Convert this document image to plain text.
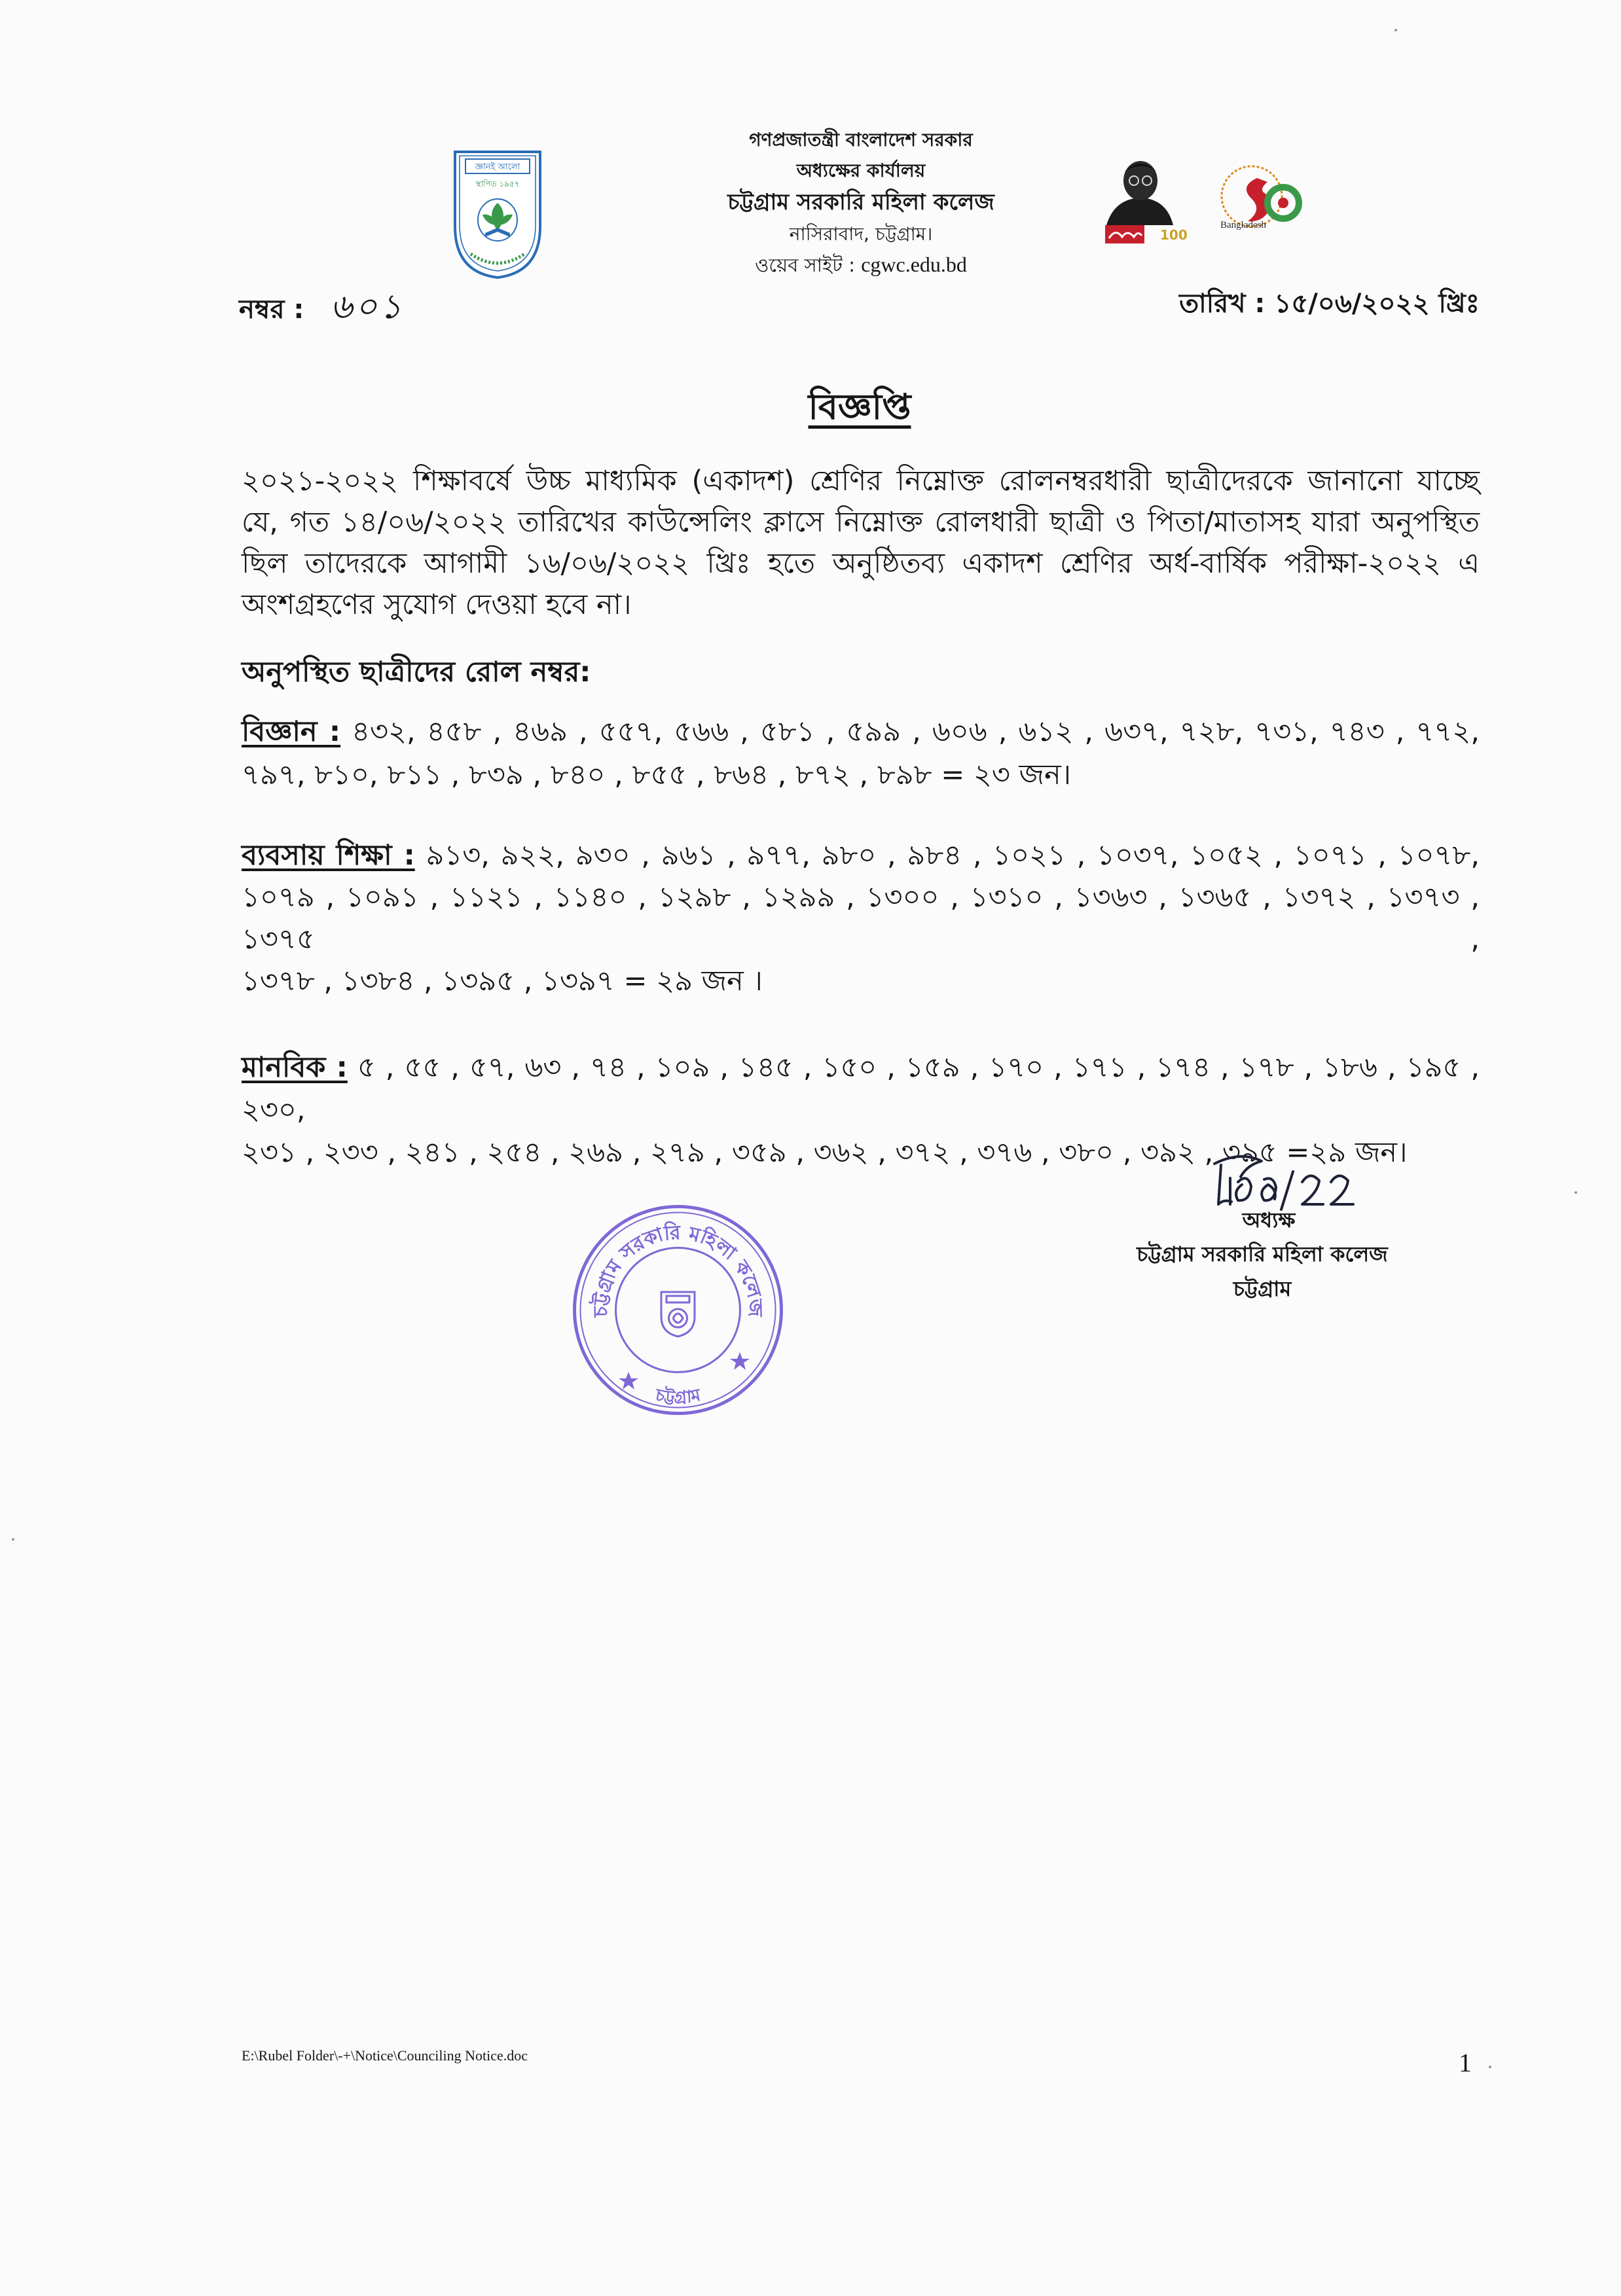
জ্ঞানই আলো
স্থাপিত ১৯৫৭
গণপ্রজাতন্ত্রী বাংলাদেশ সরকার
অধ্যক্ষের কার্যালয়
চট্টগ্রাম সরকারি মহিলা কলেজ
নাসিরাবাদ, চট্টগ্রাম।
ওয়েব সাইট : cgwc.edu.bd
100
Bangladesh
নম্বর : ৬০১	তারিখ : ১৫/০৬/২০২২ খ্রিঃ
বিজ্ঞপ্তি
২০২১-২০২২ শিক্ষাবর্ষে উচ্চ মাধ্যমিক (একাদশ) শ্রেণির নিম্নোক্ত রোলনম্বরধারী ছাত্রীদেরকে জানানো যাচ্ছে
যে, গত ১৪/০৬/২০২২ তারিখের কাউন্সেলিং ক্লাসে নিম্নোক্ত রোলধারী ছাত্রী ও পিতা/মাতাসহ যারা অনুপস্থিত
ছিল তাদেরকে আগামী ১৬/০৬/২০২২ খ্রিঃ হতে অনুষ্ঠিতব্য একাদশ শ্রেণির অর্ধ-বার্ষিক পরীক্ষা-২০২২ এ
অংশগ্রহণের সুযোগ দেওয়া হবে না।
অনুপস্থিত ছাত্রীদের রোল নম্বর:
বিজ্ঞান : ৪৩২, ৪৫৮ , ৪৬৯ , ৫৫৭, ৫৬৬ , ৫৮১ , ৫৯৯ , ৬০৬ , ৬১২ , ৬৩৭, ৭২৮, ৭৩১, ৭৪৩ , ৭৭২,
৭৯৭, ৮১০, ৮১১ , ৮৩৯ , ৮৪০ , ৮৫৫ , ৮৬৪ , ৮৭২ , ৮৯৮ = ২৩ জন।
ব্যবসায় শিক্ষা : ৯১৩, ৯২২, ৯৩০ , ৯৬১ , ৯৭৭, ৯৮০ , ৯৮৪ , ১০২১ , ১০৩৭, ১০৫২ , ১০৭১ , ১০৭৮,
১০৭৯ , ১০৯১ , ১১২১ , ১১৪০ , ১২৯৮ , ১২৯৯ , ১৩০০ , ১৩১০ , ১৩৬৩ , ১৩৬৫ , ১৩৭২ , ১৩৭৩ , ১৩৭৫ ,
১৩৭৮ , ১৩৮৪ , ১৩৯৫ , ১৩৯৭ = ২৯ জন ।
মানবিক : ৫ , ৫৫ , ৫৭, ৬৩ , ৭৪ , ১০৯ , ১৪৫ , ১৫০ , ১৫৯ , ১৭০ , ১৭১ , ১৭৪ , ১৭৮ , ১৮৬ , ১৯৫ , ২৩০,
২৩১ , ২৩৩ , ২৪১ , ২৫৪ , ২৬৯ , ২৭৯ , ৩৫৯ , ৩৬২ , ৩৭২ , ৩৭৬ , ৩৮০ , ৩৯২ , ৩৯৫ =২৯ জন।
অধ্যক্ষ
চট্টগ্রাম সরকারি মহিলা কলেজ
চট্টগ্রাম
চট্টগ্রাম সরকারি মহিলা কলেজ
চট্টগ্রাম
E:\Rubel Folder\-+\Notice\Counciling Notice.doc	1
